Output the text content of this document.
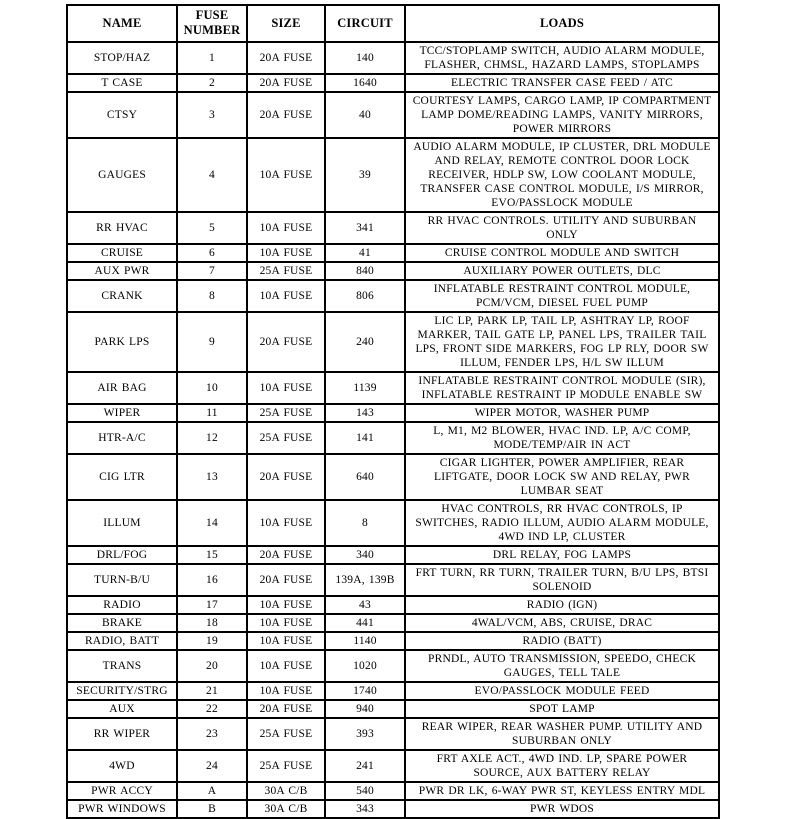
NAME	FUSE NUMBER	SIZE	CIRCUIT	LOADS
STOP/HAZ	1	20A FUSE	140	TCC/STOPLAMP SWITCH, AUDIO ALARM MODULE, FLASHER, CHMSL, HAZARD LAMPS, STOPLAMPS
T CASE	2	20A FUSE	1640	ELECTRIC TRANSFER CASE FEED / ATC
CTSY	3	20A FUSE	40	COURTESY LAMPS, CARGO LAMP, IP COMPARTMENT LAMP DOME/READING LAMPS, VANITY MIRRORS, POWER MIRRORS
GAUGES	4	10A FUSE	39	AUDIO ALARM MODULE, IP CLUSTER, DRL MODULE AND RELAY, REMOTE CONTROL DOOR LOCK RECEIVER, HDLP SW, LOW COOLANT MODULE, TRANSFER CASE CONTROL MODULE, I/S MIRROR, EVO/PASSLOCK MODULE
RR HVAC	5	10A FUSE	341	RR HVAC CONTROLS. UTILITY AND SUBURBAN ONLY
CRUISE	6	10A FUSE	41	CRUISE CONTROL MODULE AND SWITCH
AUX PWR	7	25A FUSE	840	AUXILIARY POWER OUTLETS, DLC
CRANK	8	10A FUSE	806	INFLATABLE RESTRAINT CONTROL MODULE, PCM/VCM, DIESEL FUEL PUMP
PARK LPS	9	20A FUSE	240	LIC LP, PARK LP, TAIL LP, ASHTRAY LP, ROOF MARKER, TAIL GATE LP, PANEL LPS, TRAILER TAIL LPS, FRONT SIDE MARKERS, FOG LP RLY, DOOR SW ILLUM, FENDER LPS, H/L SW ILLUM
AIR BAG	10	10A FUSE	1139	INFLATABLE RESTRAINT CONTROL MODULE (SIR), INFLATABLE RESTRAINT IP MODULE ENABLE SW
WIPER	11	25A FUSE	143	WIPER MOTOR, WASHER PUMP
HTR-A/C	12	25A FUSE	141	L, M1, M2 BLOWER, HVAC IND. LP, A/C COMP, MODE/TEMP/AIR IN ACT
CIG LTR	13	20A FUSE	640	CIGAR LIGHTER, POWER AMPLIFIER, REAR LIFTGATE, DOOR LOCK SW AND RELAY, PWR LUMBAR SEAT
ILLUM	14	10A FUSE	8	HVAC CONTROLS, RR HVAC CONTROLS, IP SWITCHES, RADIO ILLUM, AUDIO ALARM MODULE, 4WD IND LP, CLUSTER
DRL/FOG	15	20A FUSE	340	DRL RELAY, FOG LAMPS
TURN-B/U	16	20A FUSE	139A, 139B	FRT TURN, RR TURN, TRAILER TURN, B/U LPS, BTSI SOLENOID
RADIO	17	10A FUSE	43	RADIO (IGN)
BRAKE	18	10A FUSE	441	4WAL/VCM, ABS, CRUISE, DRAC
RADIO, BATT	19	10A FUSE	1140	RADIO (BATT)
TRANS	20	10A FUSE	1020	PRNDL, AUTO TRANSMISSION, SPEEDO, CHECK GAUGES, TELL TALE
SECURITY/STRG	21	10A FUSE	1740	EVO/PASSLOCK MODULE FEED
AUX	22	20A FUSE	940	SPOT LAMP
RR WIPER	23	25A FUSE	393	REAR WIPER, REAR WASHER PUMP. UTILITY AND SUBURBAN ONLY
4WD	24	25A FUSE	241	FRT AXLE ACT., 4WD IND. LP, SPARE POWER SOURCE, AUX BATTERY RELAY
PWR ACCY	A	30A C/B	540	PWR DR LK, 6-WAY PWR ST, KEYLESS ENTRY MDL
PWR WINDOWS	B	30A C/B	343	PWR WDOS
